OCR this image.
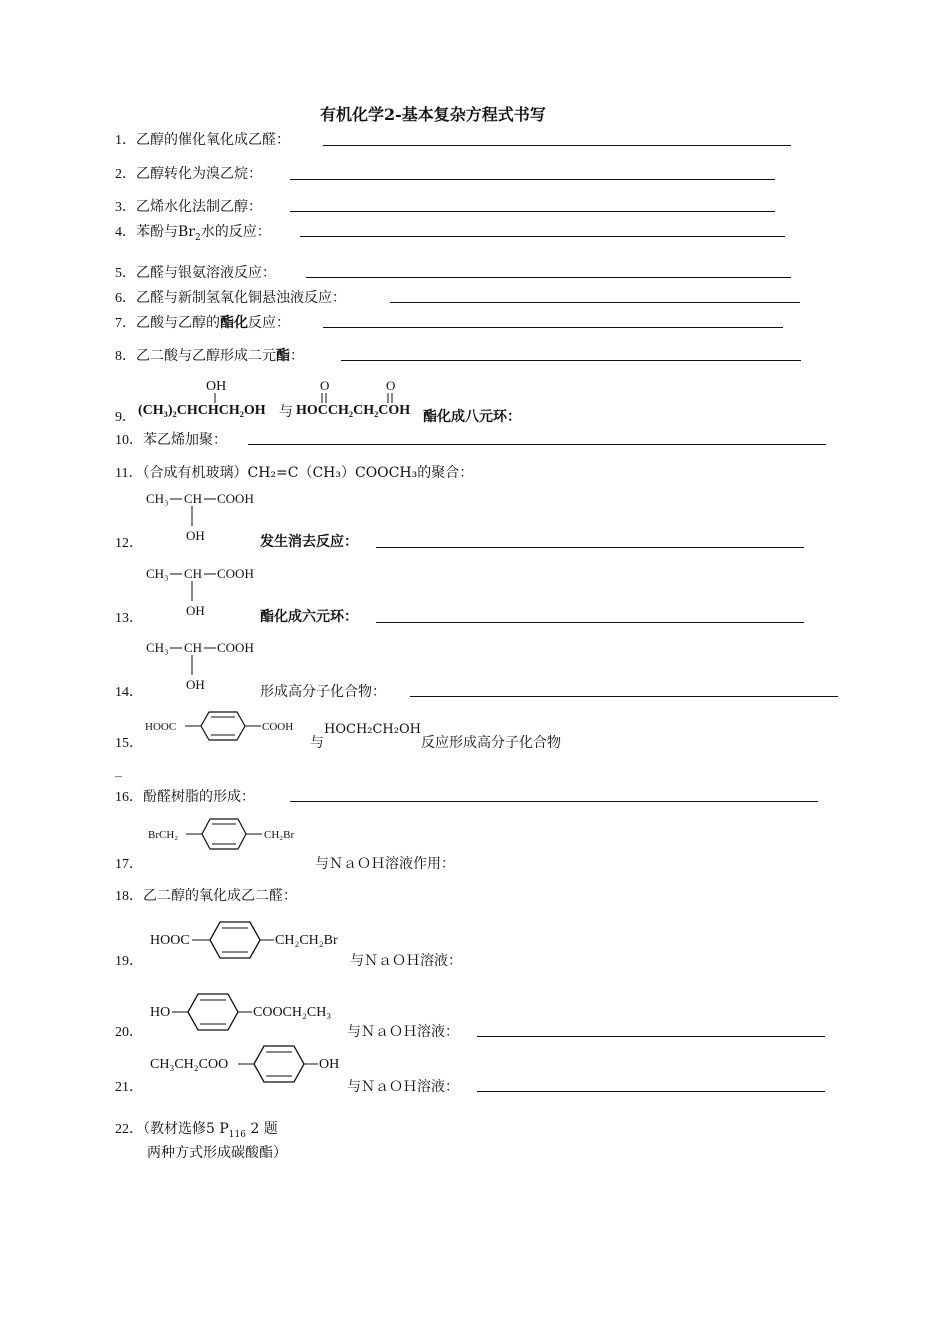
有机化学2-基本复杂方程式书写
1．乙醇的催化氧化成乙醛：
2．乙醇转化为溴乙烷：
3．乙烯水化法制乙醇：
4．苯酚与$Br_2$水的反应：
5．乙醛与银氨溶液反应：
6．乙醛与新制氢氧化铜悬浊液反应：
7．乙酸与乙醇的酯化反应：
8．乙二酸与乙醇形成二元酯：
9．
OH
(CH₃)₂CHCHCH₂OH 与
O	O
HOCCH₂CH₂COH 酯化成八元环：
10．苯乙烯加聚：
11．（合成有机玻璃）CH₂=C（CH₃）COOCH₃的聚合：
CH₃ CH COOH
OH
12．	发生消去反应：
CH₃ CH COOH
OH
13．	酯化成六元环：
CH₃ CH COOH
OH
14．	形成高分子化合物：
HOOC	COOH
15．	与
HOCH₂CH₂OH
反应形成高分子化合物
_
16．酚醛树脂的形成：
BrCH₂	CH₂Br
17．	与ＮａＯＨ溶液作用：
18．乙二醇的氧化成乙二醛：
HOOC	CH₂CH₂Br
19．	与ＮａＯＨ溶液：
HO	COOCH₂CH₃
20．	与ＮａＯＨ溶液：
CH₃CH₂COO	OH
21．	与ＮａＯＨ溶液：
22．（教材选修5 $P_{116}$ 2 题
两种方式形成碳酸酯）
